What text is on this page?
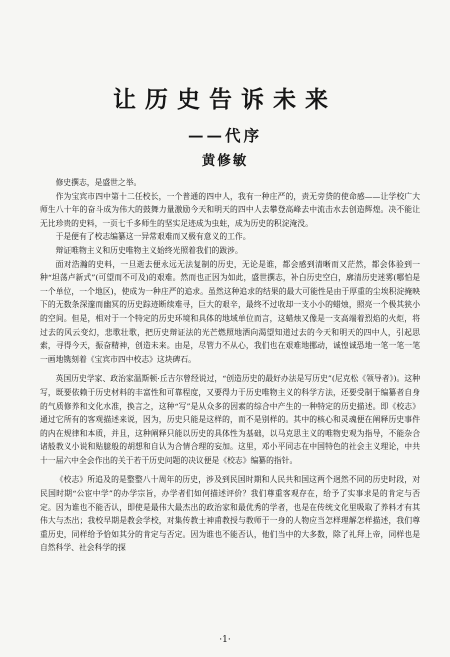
让历史告诉未来
——代序
黄修敏

修史撰志，是盛世之举。

作为宝宾市四中第十二任校长，一个普通的四中人，我有一种庄严的，责无旁贷的使命感——让学校广大师生八十年的奋斗成为伟大的鼓舞力量激励今天和明天的四中人去攀登高峰去中流击水去创造辉煌。决不能让无比珍贵的史料，一页七千多师生的坚实足迹成为虫蛀，成为历史的积淀淹没。

于是便有了校志编纂这一异常艰难而又极有意义的工作。

辩证唯物主义和历史唯物主义始终光照着我们的跋涉。

面对浩瀚的史料，一旦逝去便永远无法复制的历史，无论是谁，都会感到清晰而又茫然，都会体验到一种“坦荡卢新式”(可望而不可及)的艰难。然而也正因为如此，盛世撰志，补白历史空白，廓清历史迷雾(哪怕是一个单位，一个地区)，使成为一种庄严的追求。虽然这种追求的结果的最大可能性是由于厚重的尘埃积淀掩映下的无数条深邃而幽冥的历史踪迹断续难寻，巨大的艰辛，最终不过收却一支小小的蜡烛，照亮一个极其狭小的空间。但是，相对于一个特定的历史环境和具体的地域单位而言，这蜡烛又像是一支高端着烈焰的火炬，将过去的风云变幻，悲歌壮歌，把历史辩证法的光芒燃照地洒向渴望知道过去的今天和明天的四中人，引起思索，寻得今天，振奋精神，创造未来。由是，尽管力不从心，我们也在艰难地挪动，诚惶诚恐地一笔一笔一笔一画地镌刻着《宝宾市四中校志》这块碑石。

英国历史学家、政治家温斯顿·丘吉尔曾经说过，“创造历史的最好办法是写历史”(尼克松《领导者》)。这种写，既要依赖于历史材料的丰富性和可靠程度，又要得力于历史唯物主义的科学方法，还要受制于编纂者自身的气质修养和文化水准，换言之，这种“写”是从众多的因素的综合中产生的一种特定的历史描述。即《校志》通过它所有的客观描述来说，因为，历史只能是这样的，而不是别样的。其中的核心和灵魂便在阐释历史事件的内在规律和本质，并且，这种阐释只能以历史的具体性为基础，以马克思主义的唯物史观为指导，不能杂合诸般教义小说和贴臆般的胡想和自认为合情合理的妄加。这里，邓小平同志在中国特色的社会主义理论，中共十一届六中全会作出的关于若干历史问题的决议便是《校志》编纂的指针。

《校志》所追及的是整整八十周年的历史，涉及到民国时期和人民共和国这两个迥然不同的历史时段，对民国时期“公宦中学”的办学宗旨，办学者们如何描述评价？我们尊重客观存在，给予了实事求是的肯定与否定。因为谁也不能否认，即使是最伟大最杰出的政治家和最优秀的学者，也是在传统文化里吸取了养料才有其伟大与杰出；我校早期是教会学校，对集传教士神甫教授与教师于一身的人物应当怎样理解怎样描述，我们尊重历史，同样给予恰如其分的肯定与否定。因为谁也不能否认，他们当中的大多数，除了礼拜上帝，同样也是自然科学、社会科学的探

·1·
